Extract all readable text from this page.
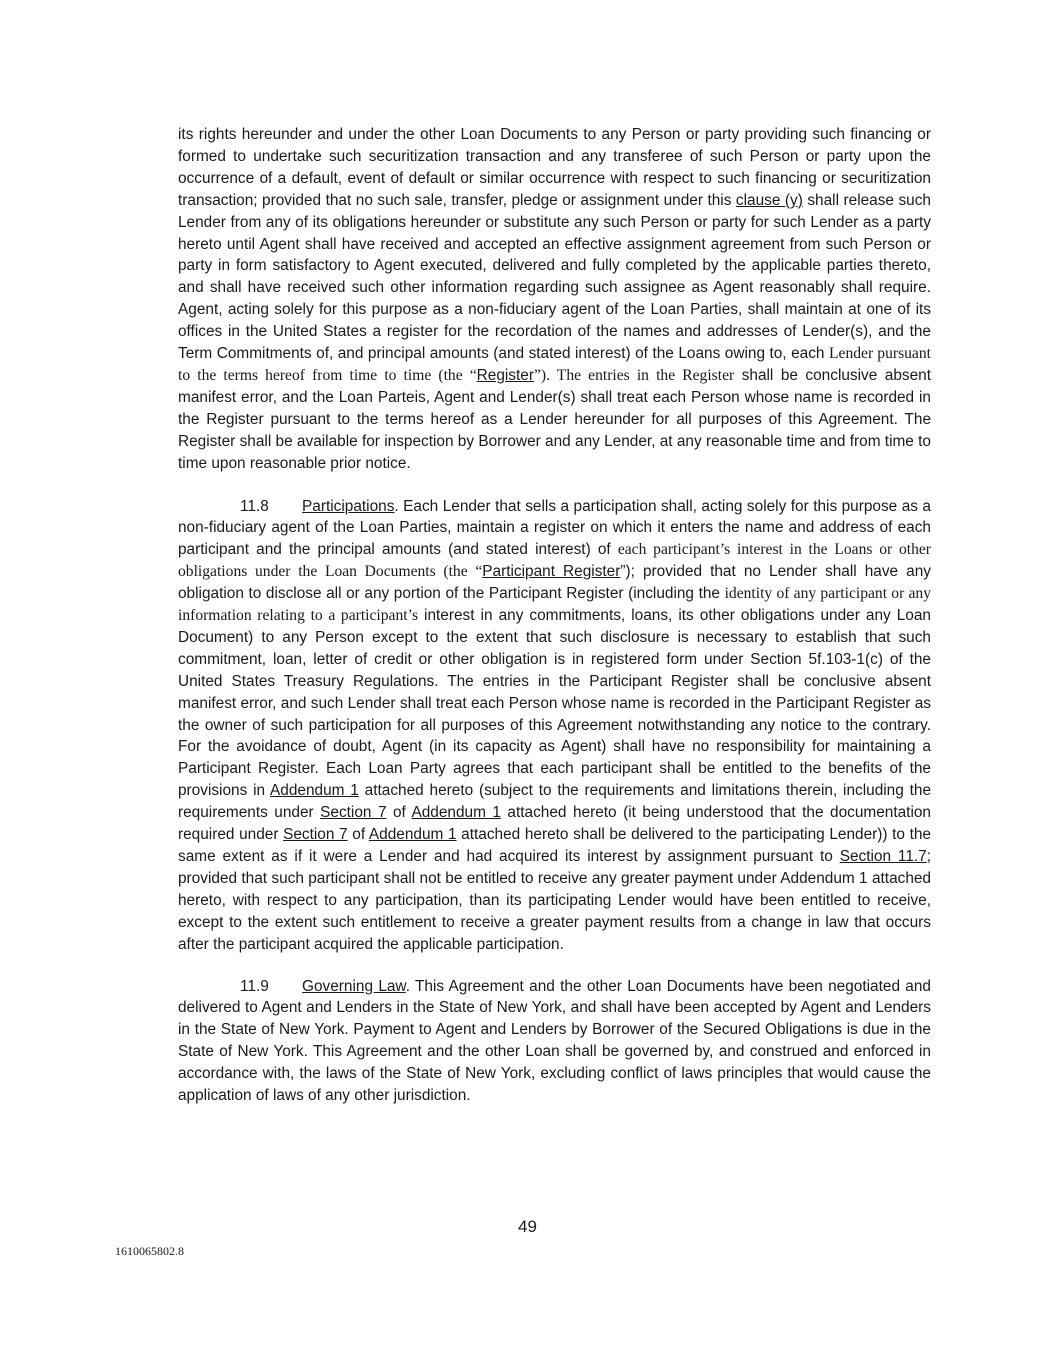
its rights hereunder and under the other Loan Documents to any Person or party providing such financing or formed to undertake such securitization transaction and any transferee of such Person or party upon the occurrence of a default, event of default or similar occurrence with respect to such financing or securitization transaction; provided that no such sale, transfer, pledge or assignment under this clause (y) shall release such Lender from any of its obligations hereunder or substitute any such Person or party for such Lender as a party hereto until Agent shall have received and accepted an effective assignment agreement from such Person or party in form satisfactory to Agent executed, delivered and fully completed by the applicable parties thereto, and shall have received such other information regarding such assignee as Agent reasonably shall require. Agent, acting solely for this purpose as a non-fiduciary agent of the Loan Parties, shall maintain at one of its offices in the United States a register for the recordation of the names and addresses of Lender(s), and the Term Commitments of, and principal amounts (and stated interest) of the Loans owing to, each Lender pursuant to the terms hereof from time to time (the “Register”). The entries in the Register shall be conclusive absent manifest error, and the Loan Parteis, Agent and Lender(s) shall treat each Person whose name is recorded in the Register pursuant to the terms hereof as a Lender hereunder for all purposes of this Agreement. The Register shall be available for inspection by Borrower and any Lender, at any reasonable time and from time to time upon reasonable prior notice.

11.8 Participations. Each Lender that sells a participation shall, acting solely for this purpose as a non-fiduciary agent of the Loan Parties, maintain a register on which it enters the name and address of each participant and the principal amounts (and stated interest) of each participant’s interest in the Loans or other obligations under the Loan Documents (the “Participant Register”); provided that no Lender shall have any obligation to disclose all or any portion of the Participant Register (including the identity of any participant or any information relating to a participant’s interest in any commitments, loans, its other obligations under any Loan Document) to any Person except to the extent that such disclosure is necessary to establish that such commitment, loan, letter of credit or other obligation is in registered form under Section 5f.103-1(c) of the United States Treasury Regulations. The entries in the Participant Register shall be conclusive absent manifest error, and such Lender shall treat each Person whose name is recorded in the Participant Register as the owner of such participation for all purposes of this Agreement notwithstanding any notice to the contrary. For the avoidance of doubt, Agent (in its capacity as Agent) shall have no responsibility for maintaining a Participant Register. Each Loan Party agrees that each participant shall be entitled to the benefits of the provisions in Addendum 1 attached hereto (subject to the requirements and limitations therein, including the requirements under Section 7 of Addendum 1 attached hereto (it being understood that the documentation required under Section 7 of Addendum 1 attached hereto shall be delivered to the participating Lender)) to the same extent as if it were a Lender and had acquired its interest by assignment pursuant to Section 11.7; provided that such participant shall not be entitled to receive any greater payment under Addendum 1 attached hereto, with respect to any participation, than its participating Lender would have been entitled to receive, except to the extent such entitlement to receive a greater payment results from a change in law that occurs after the participant acquired the applicable participation.

11.9 Governing Law. This Agreement and the other Loan Documents have been negotiated and delivered to Agent and Lenders in the State of New York, and shall have been accepted by Agent and Lenders in the State of New York. Payment to Agent and Lenders by Borrower of the Secured Obligations is due in the State of New York. This Agreement and the other Loan shall be governed by, and construed and enforced in accordance with, the laws of the State of New York, excluding conflict of laws principles that would cause the application of laws of any other jurisdiction.

49
1610065802.8
